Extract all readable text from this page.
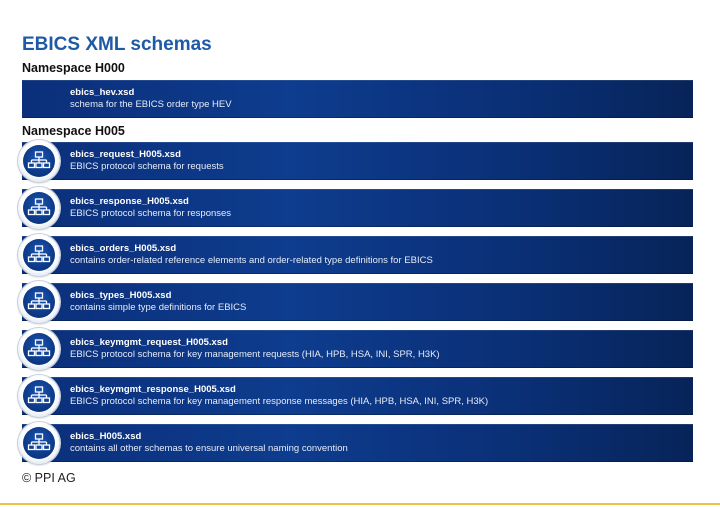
EBICS XML schemas
Namespace H000
ebics_hev.xsd
schema for the EBICS order type HEV
Namespace H005
ebics_request_H005.xsd
EBICS protocol schema for requests
ebics_response_H005.xsd
EBICS protocol schema for responses
ebics_orders_H005.xsd
contains order-related reference elements and order-related type definitions for EBICS
ebics_types_H005.xsd
contains simple type definitions for EBICS
ebics_keymgmt_request_H005.xsd
EBICS protocol schema for key management requests (HIA, HPB, HSA, INI, SPR, H3K)
ebics_keymgmt_response_H005.xsd
EBICS protocol schema for key management response messages (HIA, HPB, HSA, INI, SPR, H3K)
ebics_H005.xsd
contains all other schemas to ensure universal naming convention
© PPI AG
